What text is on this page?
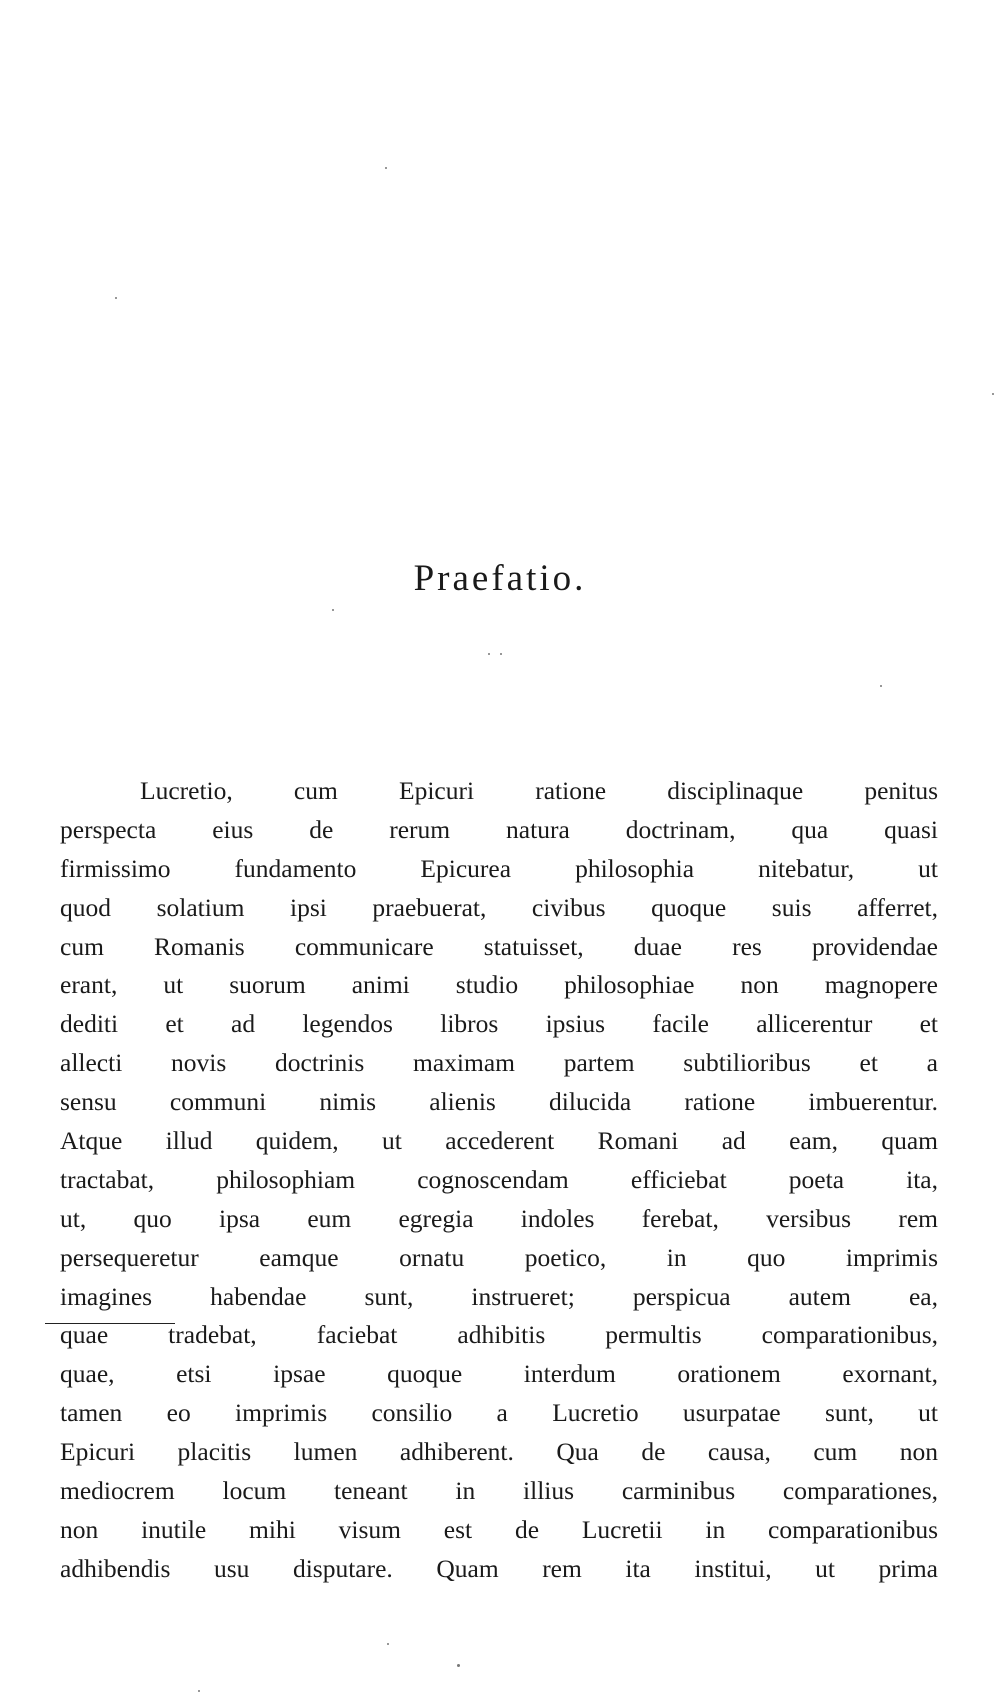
Praefatio.
Lucretio, cum Epicuri ratione disciplinaque penitus
perspecta eius de rerum natura doctrinam, qua quasi
firmissimo fundamento Epicurea philosophia nitebatur, ut
quod solatium ipsi praebuerat, civibus quoque suis afferret,
cum Romanis communicare statuisset, duae res providendae
erant, ut suorum animi studio philosophiae non magnopere
dediti et ad legendos libros ipsius facile allicerentur et
allecti novis doctrinis maximam partem subtilioribus et a
sensu communi nimis alienis dilucida ratione imbuerentur.
Atque illud quidem, ut accederent Romani ad eam, quam
tractabat, philosophiam cognoscendam efficiebat poeta ita,
ut, quo ipsa eum egregia indoles ferebat, versibus rem
persequeretur eamque ornatu poetico, in quo imprimis
imagines habendae sunt, instrueret; perspicua autem ea,
quae tradebat, faciebat adhibitis permultis comparationibus,
quae, etsi ipsae quoque interdum orationem exornant,
tamen eo imprimis consilio a Lucretio usurpatae sunt, ut
Epicuri placitis lumen adhiberent. Qua de causa, cum non
mediocrem locum teneant in illius carminibus comparationes,
non inutile mihi visum est de Lucretii in comparationibus
adhibendis usu disputare. Quam rem ita institui, ut prima
